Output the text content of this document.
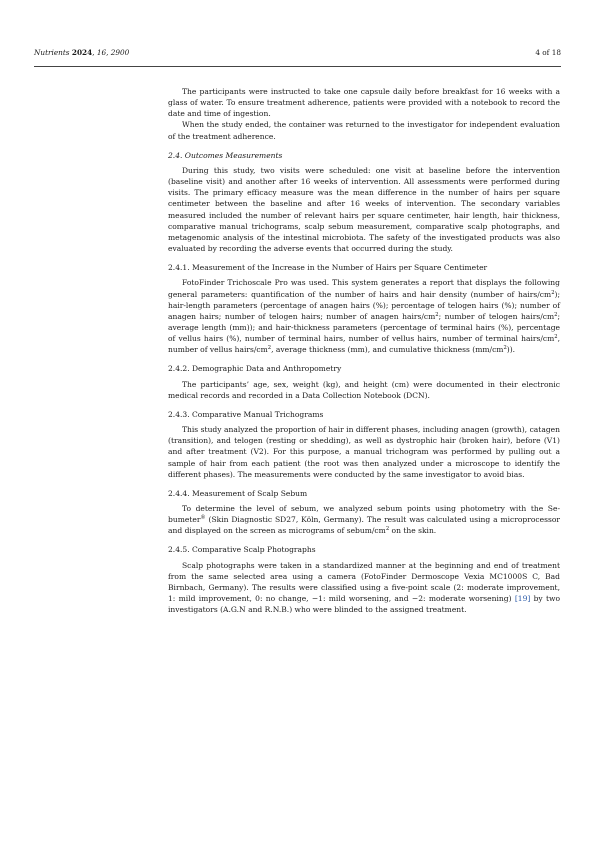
Nutrients 2024, 16, 2900	4 of 18

The participants were instructed to take one capsule daily before breakfast for 16 weeks with a glass of water. To ensure treatment adherence, patients were provided with a notebook to record the date and time of ingestion.

When the study ended, the container was returned to the investigator for independent evaluation of the treatment adherence.

2.4. Outcomes Measurements

During this study, two visits were scheduled: one visit at baseline before the intervention (baseline visit) and another after 16 weeks of intervention. All assessments were performed during visits. The primary efficacy measure was the mean difference in the number of hairs per square centimeter between the baseline and after 16 weeks of intervention. The secondary variables measured included the number of relevant hairs per square centimeter, hair length, hair thickness, comparative manual trichograms, scalp sebum measurement, comparative scalp photographs, and metagenomic analysis of the intestinal microbiota. The safety of the investigated products was also evaluated by recording the adverse events that occurred during the study.

2.4.1. Measurement of the Increase in the Number of Hairs per Square Centimeter

FotoFinder Trichoscale Pro was used. This system generates a report that displays the following general parameters: quantification of the number of hairs and hair density (number of hairs/$cm^2$); hair-length parameters (percentage of anagen hairs (%); percentage of telogen hairs (%); number of anagen hairs; number of telogen hairs; number of anagen hairs/$cm^2$; number of telogen hairs/$cm^2$; average length (mm)); and hair-thickness parameters (percentage of terminal hairs (%), percentage of vellus hairs (%), number of terminal hairs, number of vellus hairs, number of terminal hairs/$cm^2$, number of vellus hairs/$cm^2$, average thickness (mm), and cumulative thickness $(mm/cm^2)$).

2.4.2. Demographic Data and Anthropometry

The participants’ age, sex, weight (kg), and height (cm) were documented in their electronic medical records and recorded in a Data Collection Notebook (DCN).

2.4.3. Comparative Manual Trichograms

This study analyzed the proportion of hair in different phases, including anagen (growth), catagen (transition), and telogen (resting or shedding), as well as dystrophic hair (broken hair), before (V1) and after treatment (V2). For this purpose, a manual trichogram was performed by pulling out a sample of hair from each patient (the root was then analyzed under a microscope to identify the different phases). The measurements were conducted by the same investigator to avoid bias.

2.4.4. Measurement of Scalp Sebum

To determine the level of sebum, we analyzed sebum points using photometry with the Se-bumeter® (Skin Diagnostic SD27, Köln, Germany). The result was calculated using a microprocessor and displayed on the screen as micrograms of sebum/$cm^2$ on the skin.

2.4.5. Comparative Scalp Photographs

Scalp photographs were taken in a standardized manner at the beginning and end of treatment from the same selected area using a camera (FotoFinder Dermoscope Vexia MC1000S C, Bad Birnbach, Germany). The results were classified using a five-point scale (2: moderate improvement, 1: mild improvement, 0: no change, −1: mild worsening, and −2: moderate worsening) [19] by two investigators (A.G.N and R.N.B.) who were blinded to the assigned treatment.
